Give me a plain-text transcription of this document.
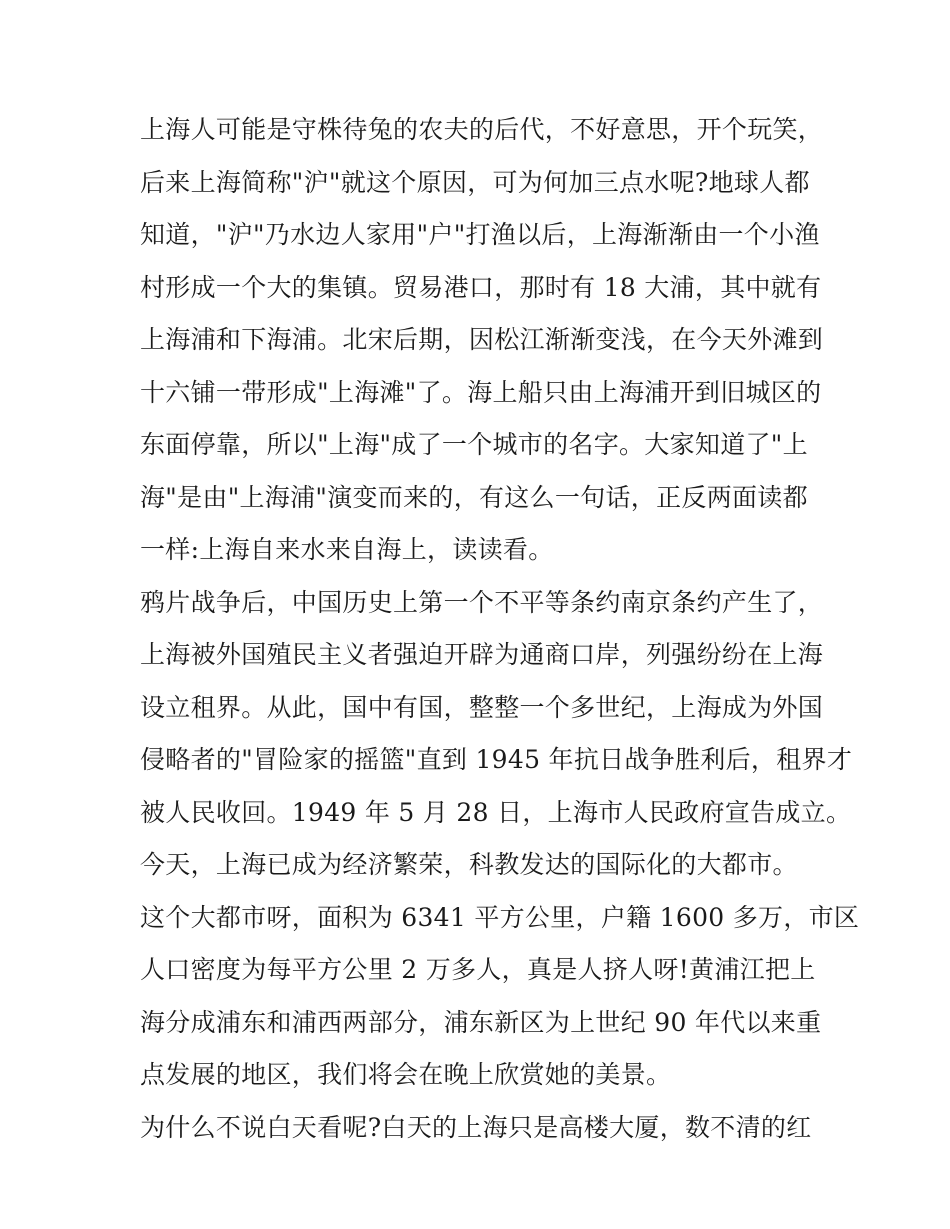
上海人可能是守株待兔的农夫的后代，不好意思，开个玩笑，
后来上海简称"沪"就这个原因，可为何加三点水呢?地球人都
知道，"沪"乃水边人家用"户"打渔以后，上海渐渐由一个小渔
村形成一个大的集镇。贸易港口，那时有 18 大浦，其中就有
上海浦和下海浦。北宋后期，因松江渐渐变浅，在今天外滩到
十六铺一带形成"上海滩"了。海上船只由上海浦开到旧城区的
东面停靠，所以"上海"成了一个城市的名字。大家知道了"上
海"是由"上海浦"演变而来的，有这么一句话，正反两面读都
一样:上海自来水来自海上，读读看。
鸦片战争后，中国历史上第一个不平等条约南京条约产生了，
上海被外国殖民主义者强迫开辟为通商口岸，列强纷纷在上海
设立租界。从此，国中有国，整整一个多世纪，上海成为外国
侵略者的"冒险家的摇篮"直到 1945 年抗日战争胜利后，租界才
被人民收回。1949 年 5 月 28 日，上海市人民政府宣告成立。
今天，上海已成为经济繁荣，科教发达的国际化的大都市。
这个大都市呀，面积为 6341 平方公里，户籍 1600 多万，市区
人口密度为每平方公里 2 万多人，真是人挤人呀!黄浦江把上
海分成浦东和浦西两部分，浦东新区为上世纪 90 年代以来重
点发展的地区，我们将会在晚上欣赏她的美景。
为什么不说白天看呢?白天的上海只是高楼大厦，数不清的红
